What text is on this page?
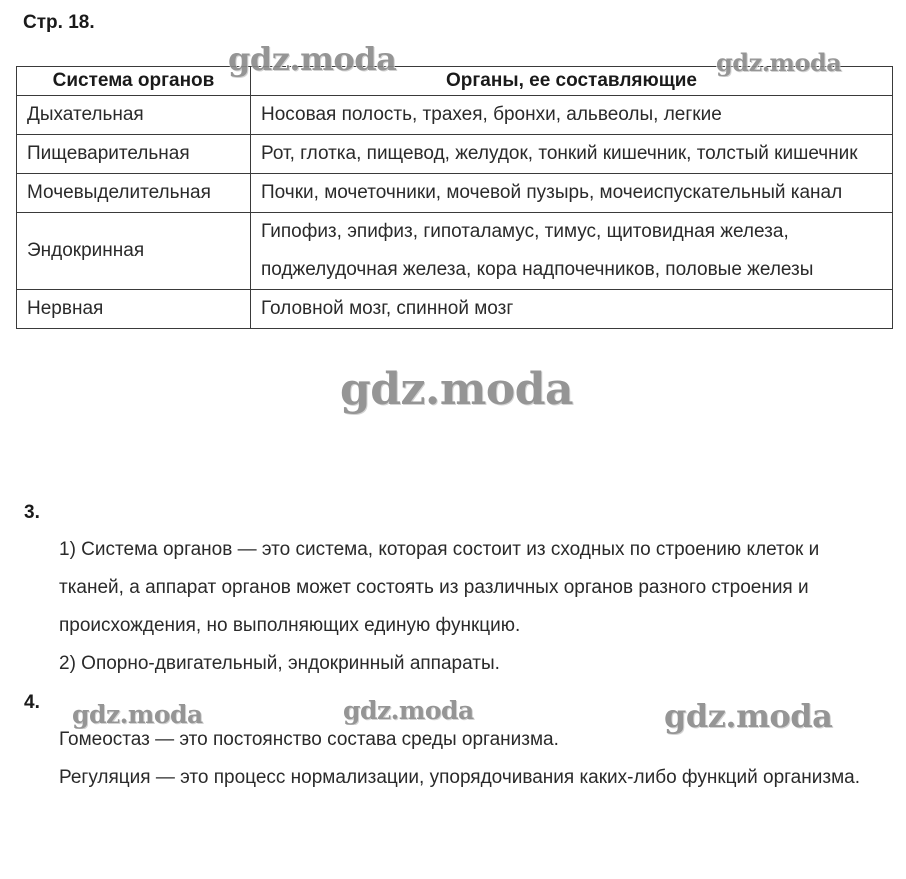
Стр. 18.
Система органов	Органы, ее составляющие
Дыхательная	Носовая полость, трахея, бронхи, альвеолы, легкие
Пищеварительная	Рот, глотка, пищевод, желудок, тонкий кишечник, толстый кишечник
Мочевыделительная	Почки, мочеточники, мочевой пузырь, мочеиспускательный канал
Эндокринная	Гипофиз, эпифиз, гипоталамус, тимус, щитовидная железа, поджелудочная железа, кора надпочечников, половые железы
Нервная	Головной мозг, спинной мозг
3.

1) Система органов — это система, которая состоит из сходных по строению клеток и тканей, а аппарат органов может состоять из различных органов разного строения и происхождения, но выполняющих единую функцию.

2) Опорно-двигательный, эндокринный аппараты.

4.

Гомеостаз — это постоянство состава среды организма.

Регуляция — это процесс нормализации, упорядочивания каких-либо функций организма.

gdz.moda	gdz.moda
gdz.moda
gdz.moda	gdz.moda	gdz.moda
